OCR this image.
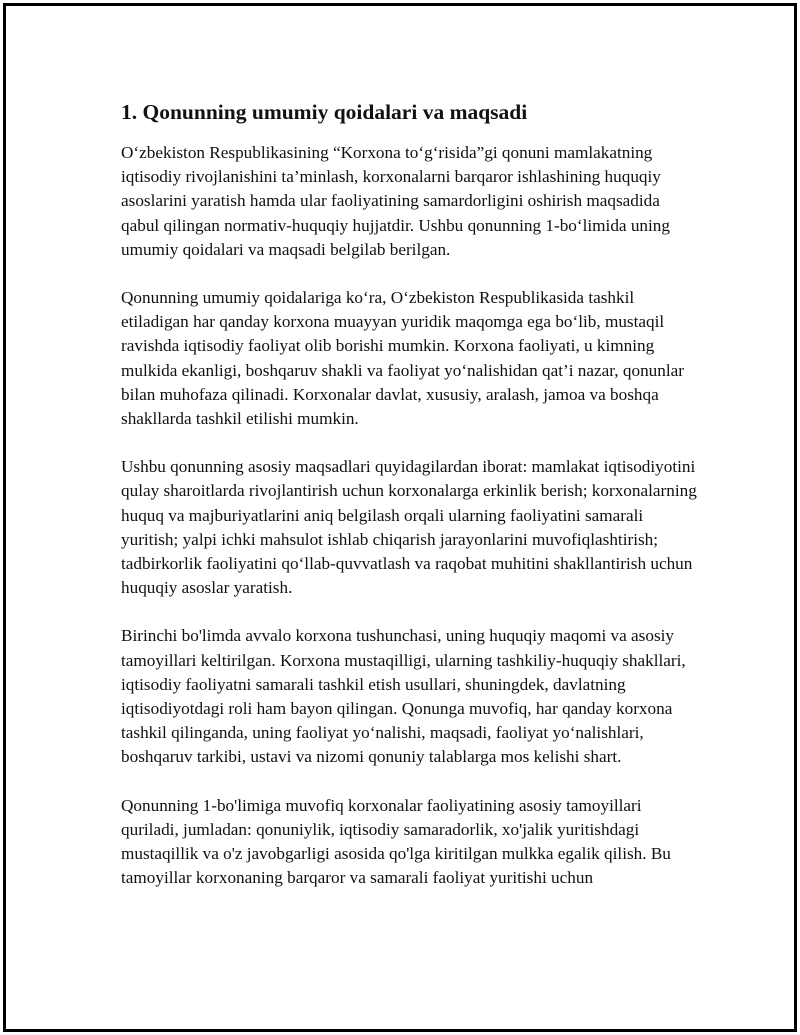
1. Qonunning umumiy qoidalari va maqsadi

O‘zbekiston Respublikasining “Korxona to‘g‘risida”gi qonuni mamlakatning iqtisodiy rivojlanishini ta’minlash, korxonalarni barqaror ishlashining huquqiy asoslarini yaratish hamda ular faoliyatining samardorligini oshirish maqsadida qabul qilingan normativ-huquqiy hujjatdir. Ushbu qonunning 1-bo‘limida uning umumiy qoidalari va maqsadi belgilab berilgan.

Qonunning umumiy qoidalariga ko‘ra, O‘zbekiston Respublikasida tashkil etiladigan har qanday korxona muayyan yuridik maqomga ega bo‘lib, mustaqil ravishda iqtisodiy faoliyat olib borishi mumkin. Korxona faoliyati, u kimning mulkida ekanligi, boshqaruv shakli va faoliyat yo‘nalishidan qat’i nazar, qonunlar bilan muhofaza qilinadi. Korxonalar davlat, xususiy, aralash, jamoa va boshqa shakllarda tashkil etilishi mumkin.

Ushbu qonunning asosiy maqsadlari quyidagilardan iborat: mamlakat iqtisodiyotini qulay sharoitlarda rivojlantirish uchun korxonalarga erkinlik berish; korxonalarning huquq va majburiyatlarini aniq belgilash orqali ularning faoliyatini samarali yuritish; yalpi ichki mahsulot ishlab chiqarish jarayonlarini muvofiqlashtirish; tadbirkorlik faoliyatini qo‘llab-quvvatlash va raqobat muhitini shakllantirish uchun huquqiy asoslar yaratish.

Birinchi bo'limda avvalo korxona tushunchasi, uning huquqiy maqomi va asosiy tamoyillari keltirilgan. Korxona mustaqilligi, ularning tashkiliy-huquqiy shakllari, iqtisodiy faoliyatni samarali tashkil etish usullari, shuningdek, davlatning iqtisodiyotdagi roli ham bayon qilingan. Qonunga muvofiq, har qanday korxona tashkil qilinganda, uning faoliyat yo‘nalishi, maqsadi, faoliyat yo‘nalishlari, boshqaruv tarkibi, ustavi va nizomi qonuniy talablarga mos kelishi shart.

Qonunning 1-bo'limiga muvofiq korxonalar faoliyatining asosiy tamoyillari quriladi, jumladan: qonuniylik, iqtisodiy samaradorlik, xo'jalik yuritishdagi mustaqillik va o'z javobgarligi asosida qo'lga kiritilgan mulkka egalik qilish. Bu tamoyillar korxonaning barqaror va samarali faoliyat yuritishi uchun
